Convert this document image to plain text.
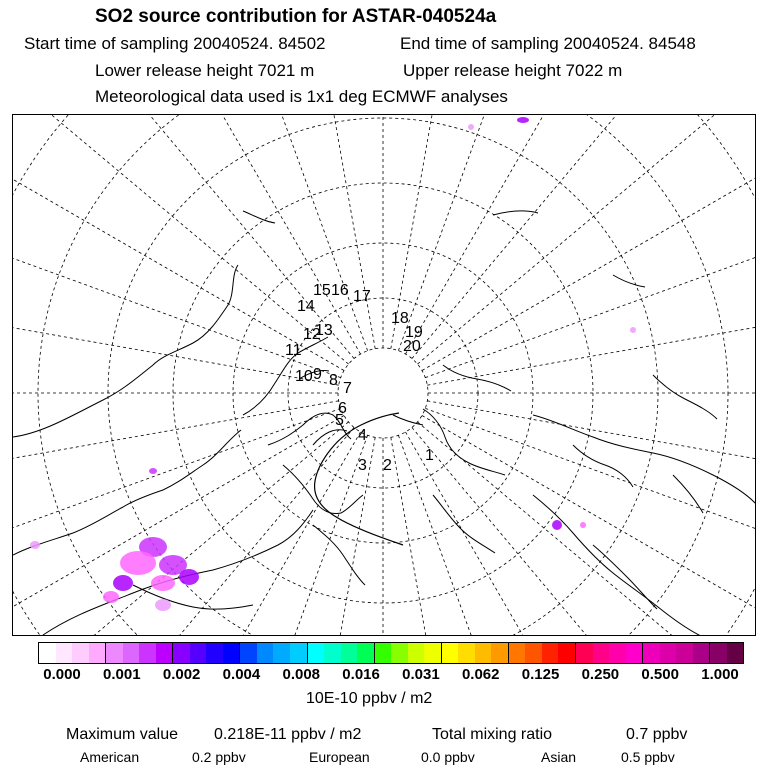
SO2 source contribution for ASTAR-040524a
Start time of sampling 20040524. 84502	End time of sampling 20040524. 84548
Lower release height 7021 m	Upper release height 7022 m
Meteorological data used is 1x1 deg ECMWF analyses
1
2
3
4
5
6
7
8
9
10
11
12
13
14
15 16 17
18
19
20
0.000 0.001 0.002 0.004 0.008 0.016 0.031 0.062 0.125 0.250 0.500 1.000
10E-10 ppbv / m2
Maximum value 0.218E-11 ppbv / m2	Total mixing ratio	0.7 ppbv
American	0.2 ppbv	European	0.0 ppbv	Asian	0.5 ppbv
